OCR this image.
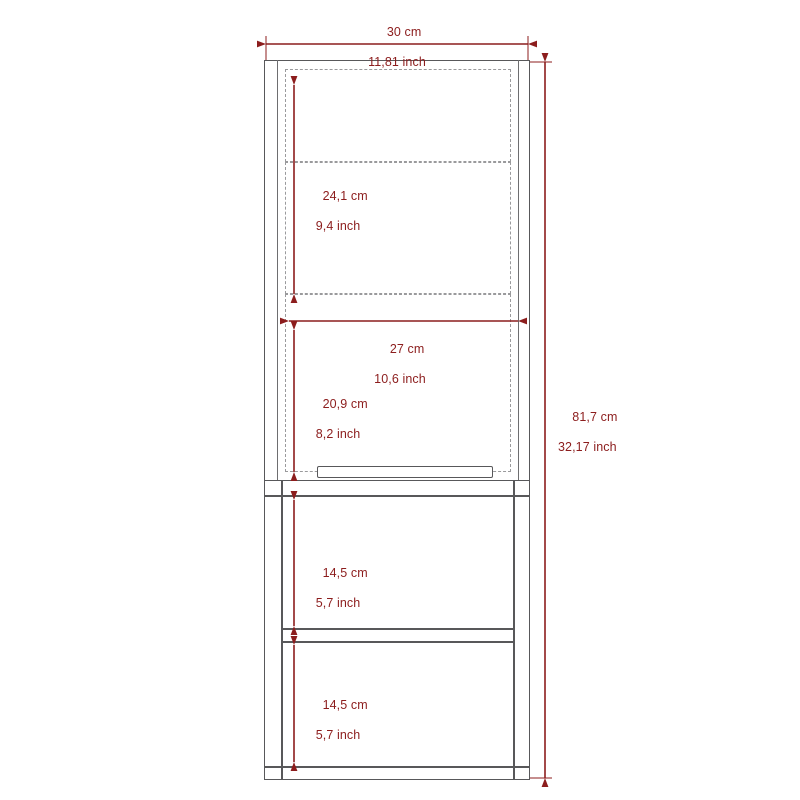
30 cm

11,81 inch

81,7 cm

32,17 inch

24,1 cm

9,4 inch

27 cm

10,6 inch

20,9 cm

8,2 inch

14,5 cm

5,7 inch

14,5 cm

5,7 inch
